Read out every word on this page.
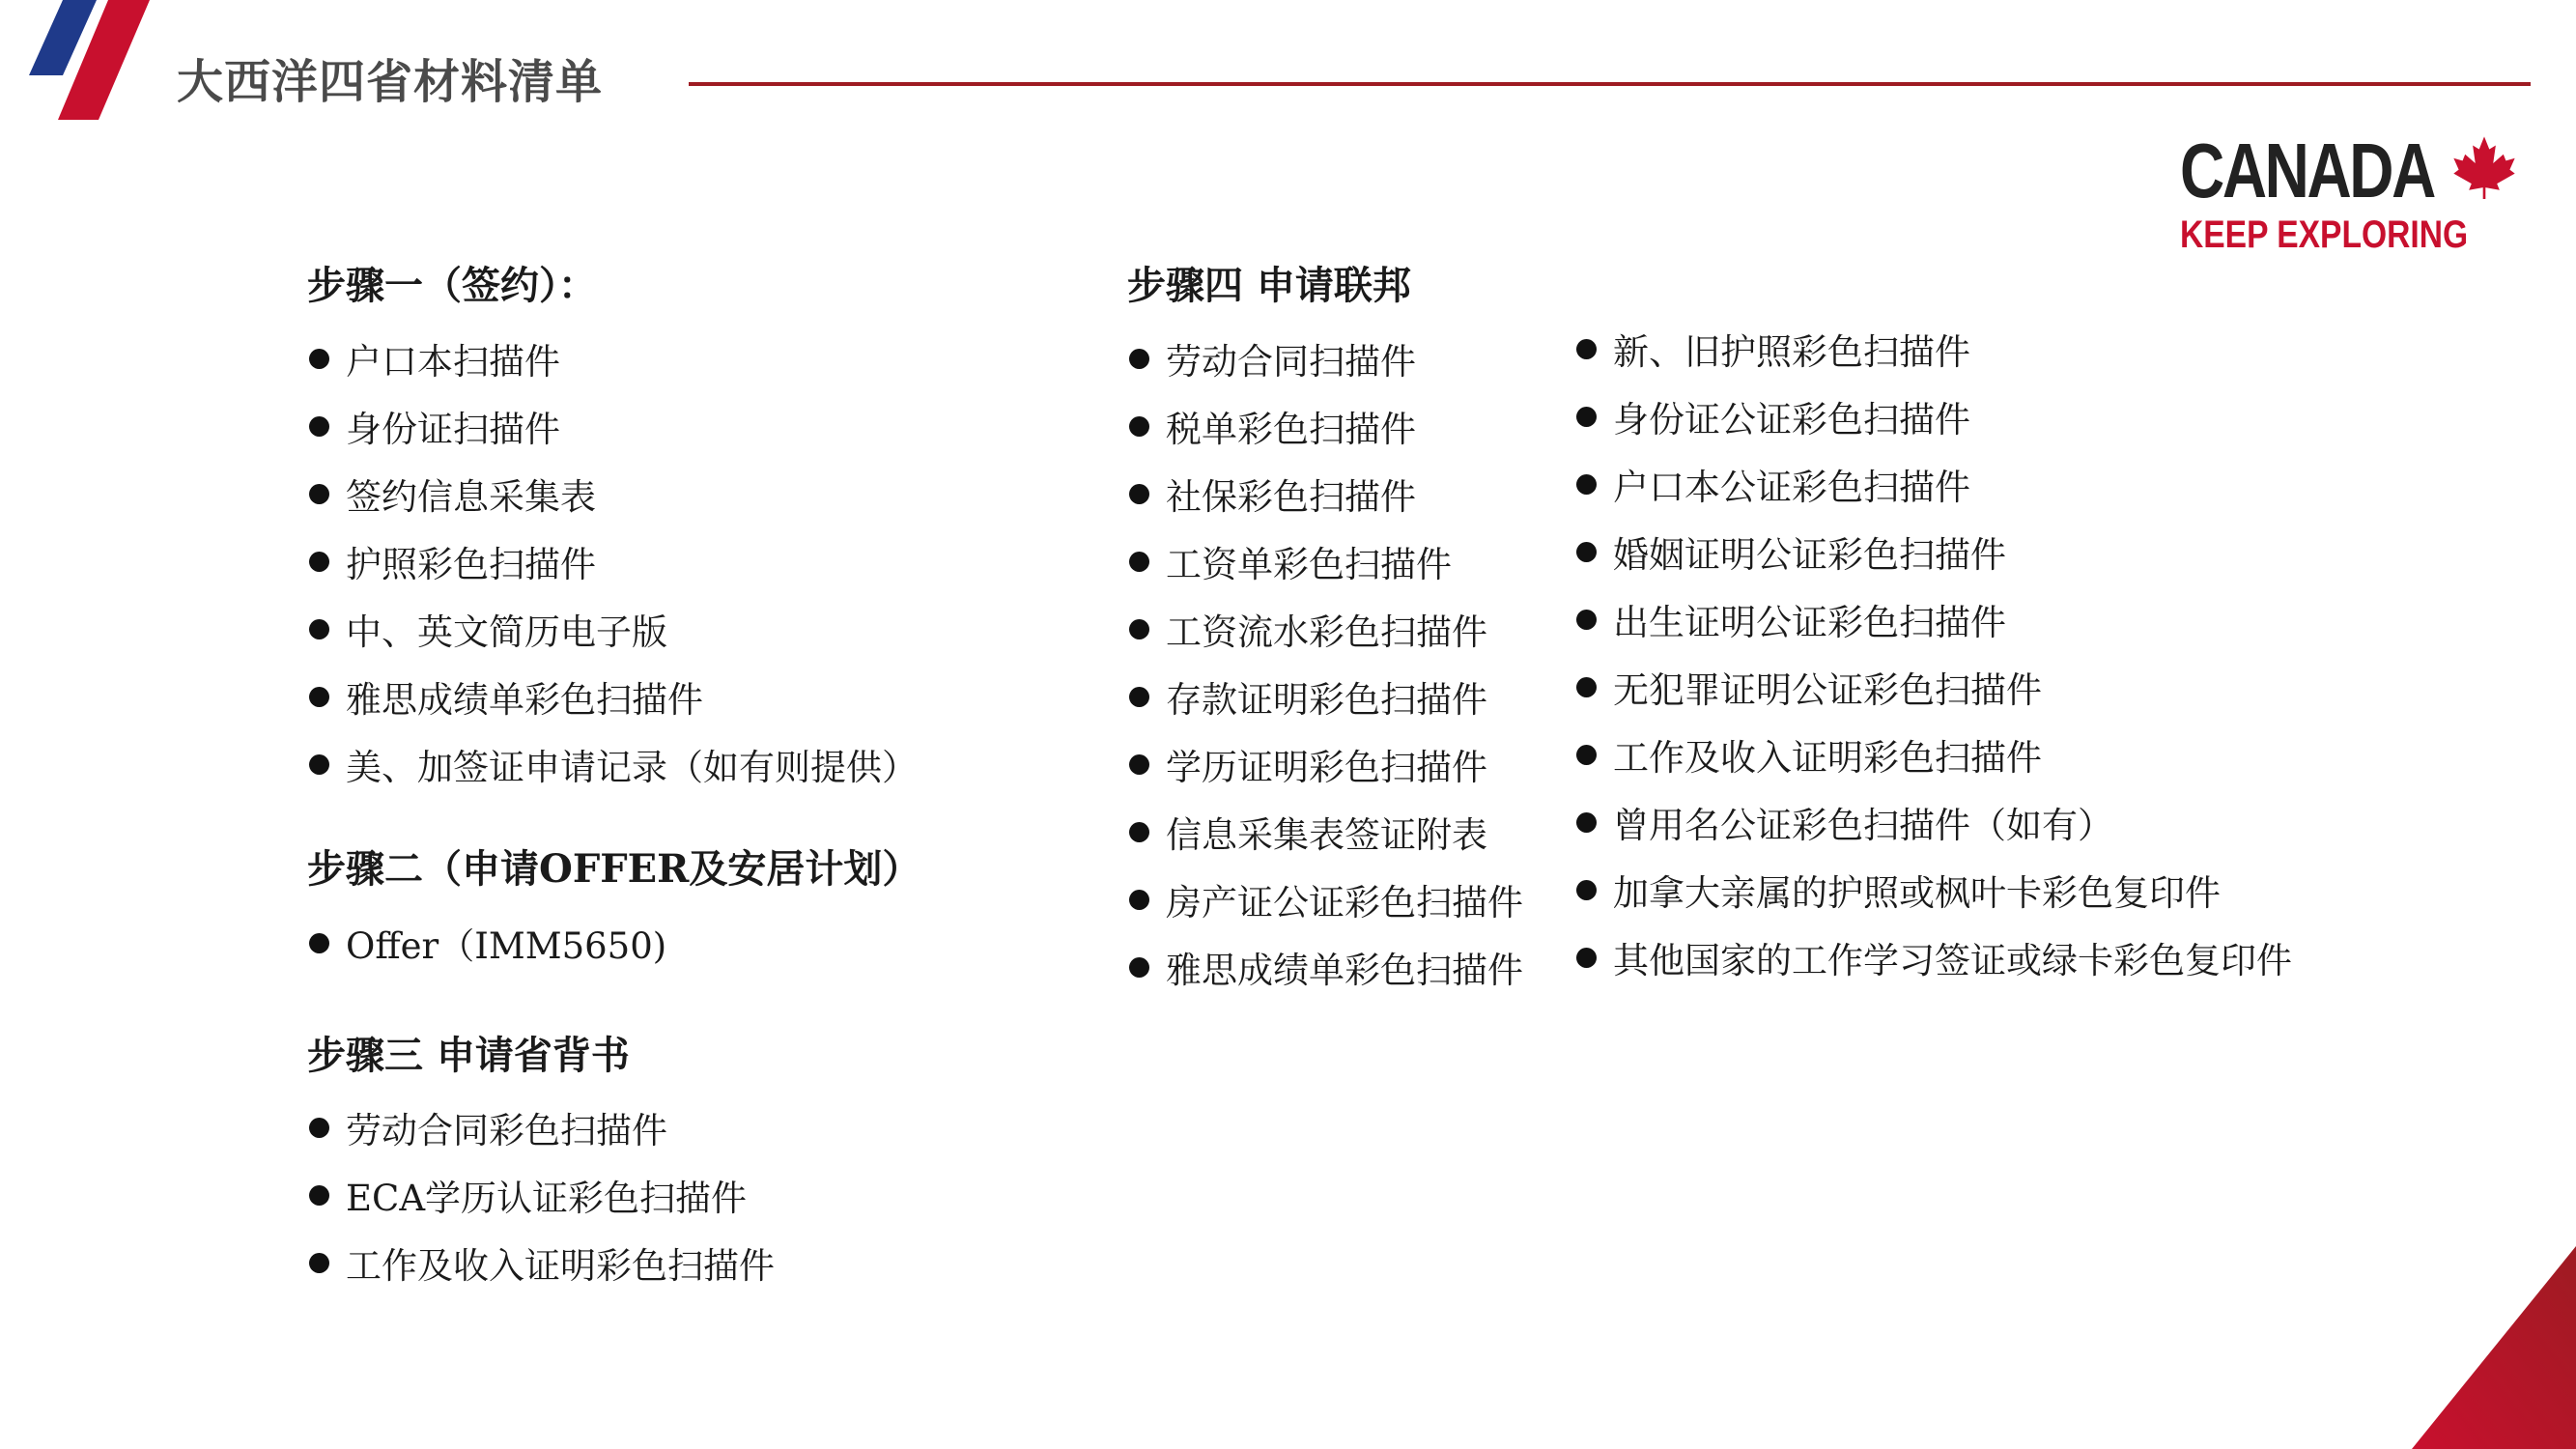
大西洋四省材料清单
CANADA
KEEP EXPLORING
步骤一（签约）：
户口本扫描件
身份证扫描件
签约信息采集表
护照彩色扫描件
中、英文简历电子版
雅思成绩单彩色扫描件
美、加签证申请记录（如有则提供）
步骤二（申请OFFER及安居计划）
Offer（IMM5650)
步骤三 申请省背书
劳动合同彩色扫描件
ECA学历认证彩色扫描件
工作及收入证明彩色扫描件
步骤四 申请联邦
劳动合同扫描件
税单彩色扫描件
社保彩色扫描件
工资单彩色扫描件
工资流水彩色扫描件
存款证明彩色扫描件
学历证明彩色扫描件
信息采集表签证附表
房产证公证彩色扫描件
雅思成绩单彩色扫描件
新、旧护照彩色扫描件
身份证公证彩色扫描件
户口本公证彩色扫描件
婚姻证明公证彩色扫描件
出生证明公证彩色扫描件
无犯罪证明公证彩色扫描件
工作及收入证明彩色扫描件
曾用名公证彩色扫描件（如有）
加拿大亲属的护照或枫叶卡彩色复印件
其他国家的工作学习签证或绿卡彩色复印件
